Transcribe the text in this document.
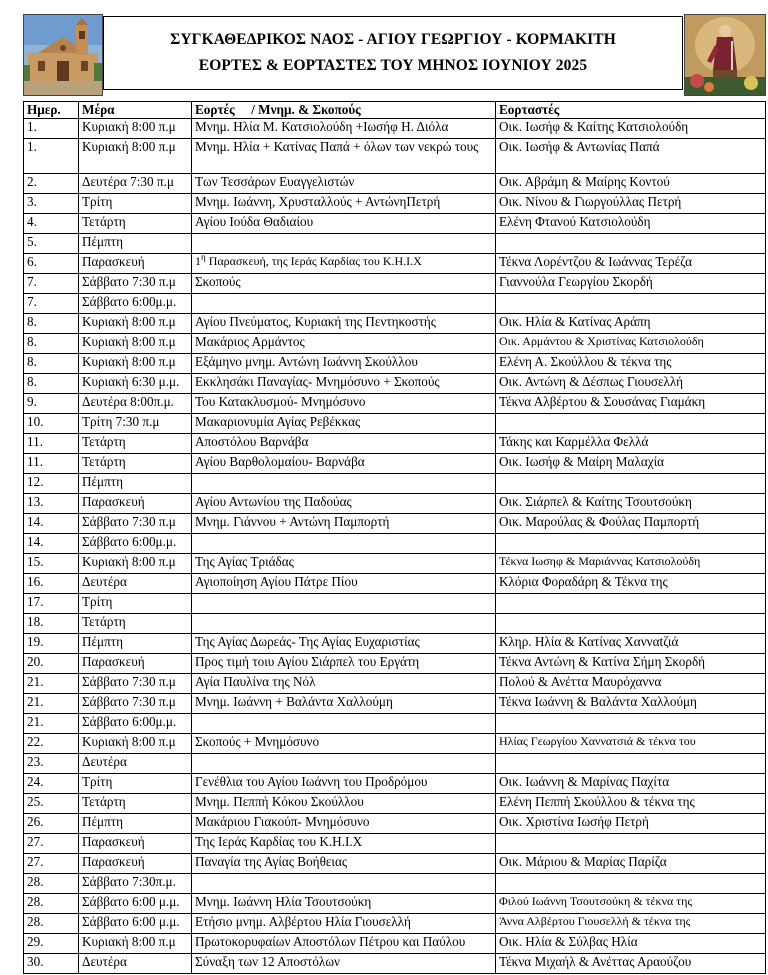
ΣΥΓΚΑΘΕΔΡΙΚΟΣ ΝΑΟΣ - ΑΓΙΟΥ ΓΕΩΡΓΙΟΥ - ΚΟΡΜΑΚΙΤΗ
ΕΟΡΤΕΣ & ΕΟΡΤΑΣΤΕΣ ΤΟΥ ΜΗΝΟΣ ΙΟΥΝΙΟΥ 2025
Ημερ.	Μέρα	Εορτές     / Μνημ. & Σκοπούς	Εορταστές
1.	Κυριακή 8:00 π.μ	Μνημ. Ηλία Μ. Κατσιολούδη +Ιωσήφ Η. Διόλα	Οικ. Ιωσήφ & Καίτης Κατσιολούδη
1.	Κυριακή 8:00 π.μ	Μνημ. Ηλία + Κατίνας Παπά + όλων των νεκρώ τους	Οικ. Ιωσήφ & Αντωνίας Παπά
2.	Δευτέρα 7:30 π.μ	Των Τεσσάρων Ευαγγελιστών	Οικ. Αβράμη & Μαίρης Κοντού
3.	Τρίτη	Μνημ. Ιωάννη, Χρυσταλλούς + ΑντώνηΠετρή	Οικ. Νίνου & Γιωργούλλας Πετρή
4.	Τετάρτη	Αγίου Ιούδα Θαδιαίου	Ελένη Φτανού Κατσιολούδη
5.	Πέμπτη		
6.	Παρασκευή	$1^\eta$ Παρασκευή, της Ιεράς Καρδίας του Κ.Η.Ι.Χ	Τέκνα Λορέντζου & Ιωάννας Τερέζα
7.	Σάββατο 7:30 π.μ	Σκοπούς	Γιαννούλα Γεωργίου Σκορδή
7.	Σάββατο 6:00μ.μ.		
8.	Κυριακή 8:00 π.μ	Αγίου Πνεύματος, Κυριακή της Πεντηκοστής	Οικ. Ηλία & Κατίνας Αράπη
8.	Κυριακή 8:00 π.μ	Μακάριος Αρμάντος	Οικ. Αρμάντου & Χριστίνας Κατσιολούδη
8.	Κυριακή 8:00 π.μ	Εξάμηνο μνημ. Αντώνη Ιωάννη Σκούλλου	Ελένη Α. Σκούλλου & τέκνα της
8.	Κυριακή 6:30 μ.μ.	Εκκλησάκι Παναγίας- Μνημόσυνο + Σκοπούς	Οικ. Αντώνη & Δέσπως Γιουσελλή
9.	Δευτέρα 8:00π.μ.	Του Κατακλυσμού- Μνημόσυνο	Τέκνα Αλβέρτου & Σουσάνας Γιαμάκη
10.	Τρίτη 7:30 π.μ	Μακαριονυμία Αγίας Ρεβέκκας	
11.	Τετάρτη	Αποστόλου Βαρνάβα	Τάκης και Καρμέλλα Φελλά
11.	Τετάρτη	Αγίου Βαρθολομαίου- Βαρνάβα	Οικ. Ιωσήφ & Μαίρη Μαλαχία
12.	Πέμπτη		
13.	Παρασκευή	Αγίου Αντωνίου της Παδούας	Οικ. Σιάρπελ & Καίτης Τσουτσούκη
14.	Σάββατο 7:30 π.μ	Μνημ. Γιάννου + Αντώνη Παμπορτή	Οικ. Μαρούλας & Φούλας Παμπορτή
14.	Σάββατο 6:00μ.μ.		
15.	Κυριακή 8:00 π.μ	Της Αγίας Τριάδας	Τέκνα Ιωσηφ & Μαριάννας Κατσιολούδη
16.	Δευτέρα	Αγιοποίηση Αγίου Πάτρε Πίου	Κλόρια Φοραδάρη & Τέκνα της
17.	Τρίτη		
18.	Τετάρτη		
19.	Πέμπτη	Της Αγίας Δωρεάς- Της Αγίας Ευχαριστίας	Κληρ. Ηλία & Κατίνας Χανναtζιά
20.	Παρασκευή	Προς τιμή τοιυ Αγίου Σιάρπελ του Εργάτη	Τέκνα Αντώνη & Κατίνα Σήμη Σκορδή
21.	Σάββατο 7:30 π.μ	Αγία Παυλίνα της Νόλ	Πολού & Ανέττα Μαυρόχαννα
21.	Σάββατο 7:30 π.μ	Μνημ. Ιωάννη + Βαλάντα Χαλλούμη	Τέκνα Ιωάννη & Βαλάντα Χαλλούμη
21.	Σάββατο 6:00μ.μ.		
22.	Κυριακή 8:00 π.μ	Σκοπούς + Μνημόσυνο	Ηλίας Γεωργίου Χαννατσιά & τέκνα του
23.	Δευτέρα		
24.	Τρίτη	Γενέθλια του Αγίου Ιωάννη του Προδρόμου	Οικ. Ιωάννη & Μαρίνας Παχίτα
25.	Τετάρτη	Μνημ. Πεππή Κόκου Σκούλλου	Ελένη Πεππή Σκούλλου & τέκνα της
26.	Πέμπτη	Μακάριου Γιακούπ- Μνημόσυνο	Οικ. Χριστίνα Ιωσήφ Πετρή
27.	Παρασκευή	Της Ιεράς Καρδίας του Κ.Η.Ι.Χ	
27.	Παρασκευή	Παναγία της Αγίας Βοήθειας	Οικ. Μάριου & Μαρίας Παρίζα
28.	Σάββατο 7:30π.μ.		
28.	Σάββατο 6:00 μ.μ.	Μνημ. Ιωάννη Ηλία Τσουτσούκη	Φιλού Ιωάννη Τσουτσούκη & τέκνα της
28.	Σάββατο 6:00 μ.μ.	Ετήσιο μνημ. Αλβέρτου Ηλία Γιουσελλή	Άννα Αλβέρτου Γιουσελλή & τέκνα της
29.	Κυριακή 8:00 π.μ	Πρωτοκορυφαίων Αποστόλων Πέτρου και Παύλου	Οικ. Ηλία & Σύλβας Ηλία
30.	Δευτέρα	Σύναξη των 12 Αποστόλων	Τέκνα Μιχαήλ & Ανέττας Αραούζου
